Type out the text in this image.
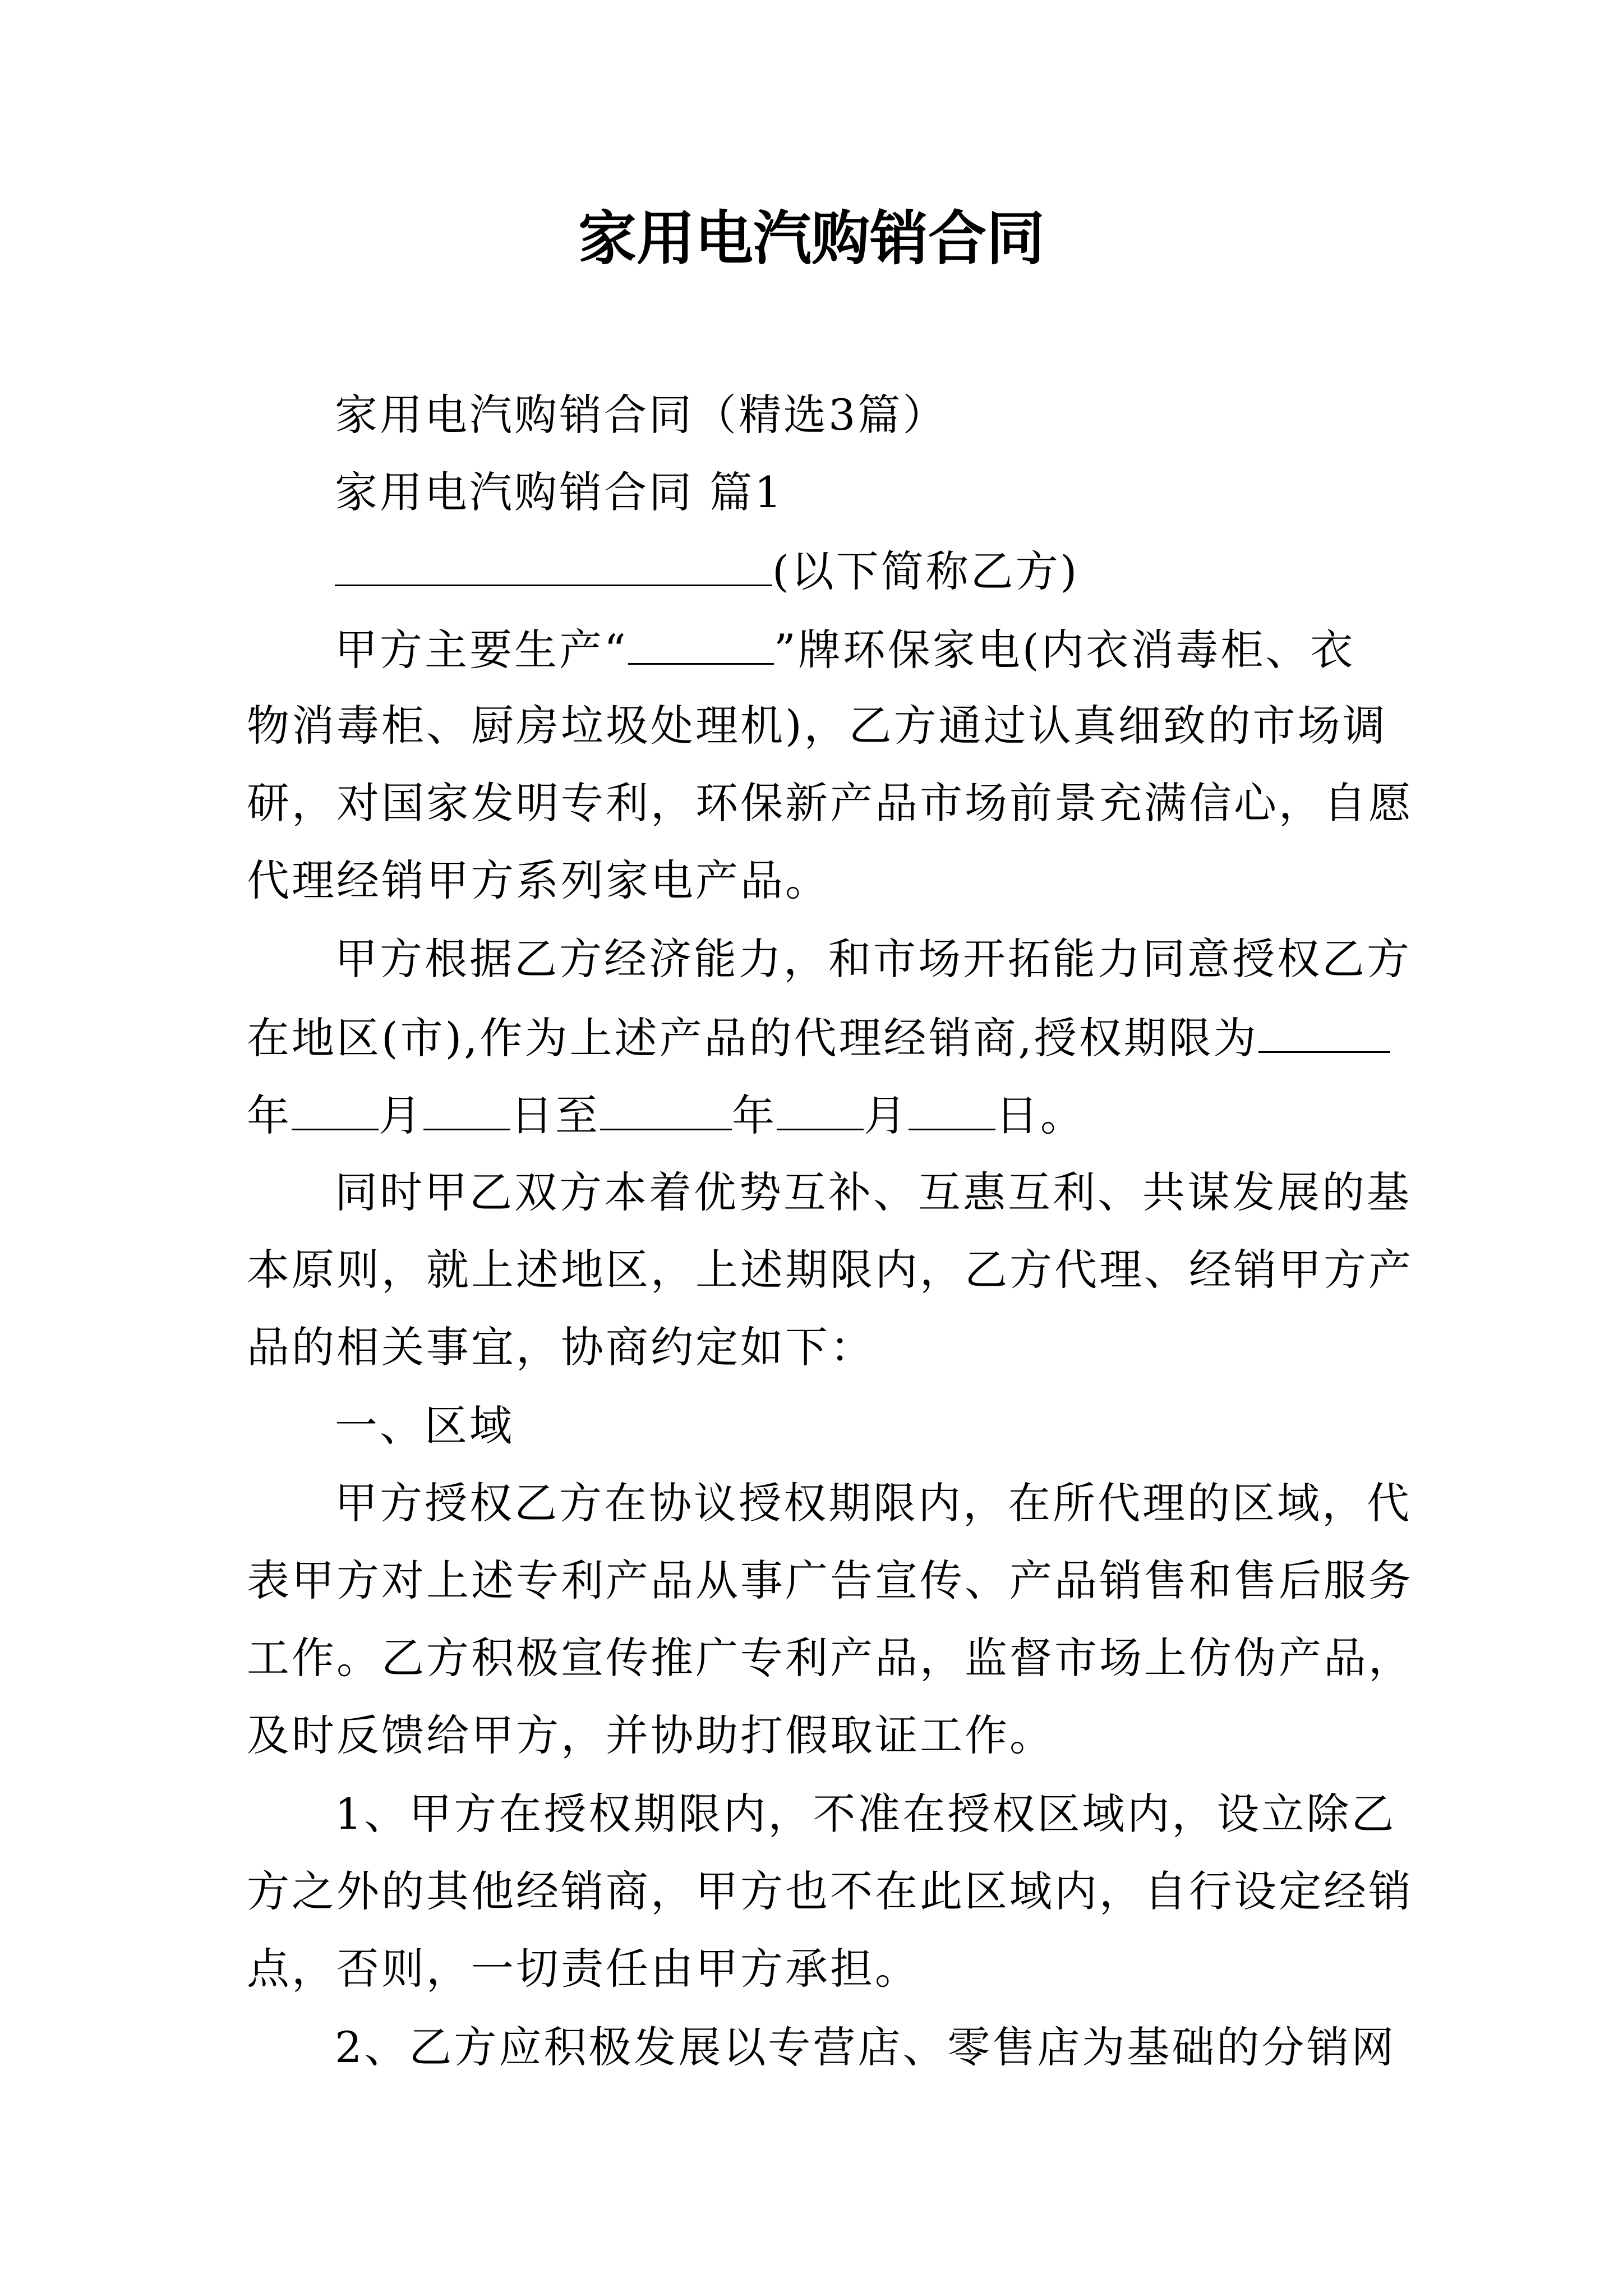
家用电汽购销合同
家用电汽购销合同（精选3篇）
家用电汽购销合同 篇1
(以下简称乙方)
甲方主要生产“	”牌环保家电(内衣消毒柜、衣
物消毒柜、厨房垃圾处理机)，乙方通过认真细致的市场调
研，对国家发明专利，环保新产品市场前景充满信心，自愿
代理经销甲方系列家电产品。
甲方根据乙方经济能力，和市场开拓能力同意授权乙方
在地区(市),作为上述产品的代理经销商,授权期限为
年 月 日至	年 月 日。
同时甲乙双方本着优势互补、互惠互利、共谋发展的基
本原则，就上述地区，上述期限内，乙方代理、经销甲方产
品的相关事宜，协商约定如下：
一、区域
甲方授权乙方在协议授权期限内，在所代理的区域，代
表甲方对上述专利产品从事广告宣传、产品销售和售后服务
工作。乙方积极宣传推广专利产品，监督市场上仿伪产品，
及时反馈给甲方，并协助打假取证工作。
1、甲方在授权期限内，不准在授权区域内，设立除乙
方之外的其他经销商，甲方也不在此区域内，自行设定经销
点，否则，一切责任由甲方承担。
2、乙方应积极发展以专营店、零售店为基础的分销网
